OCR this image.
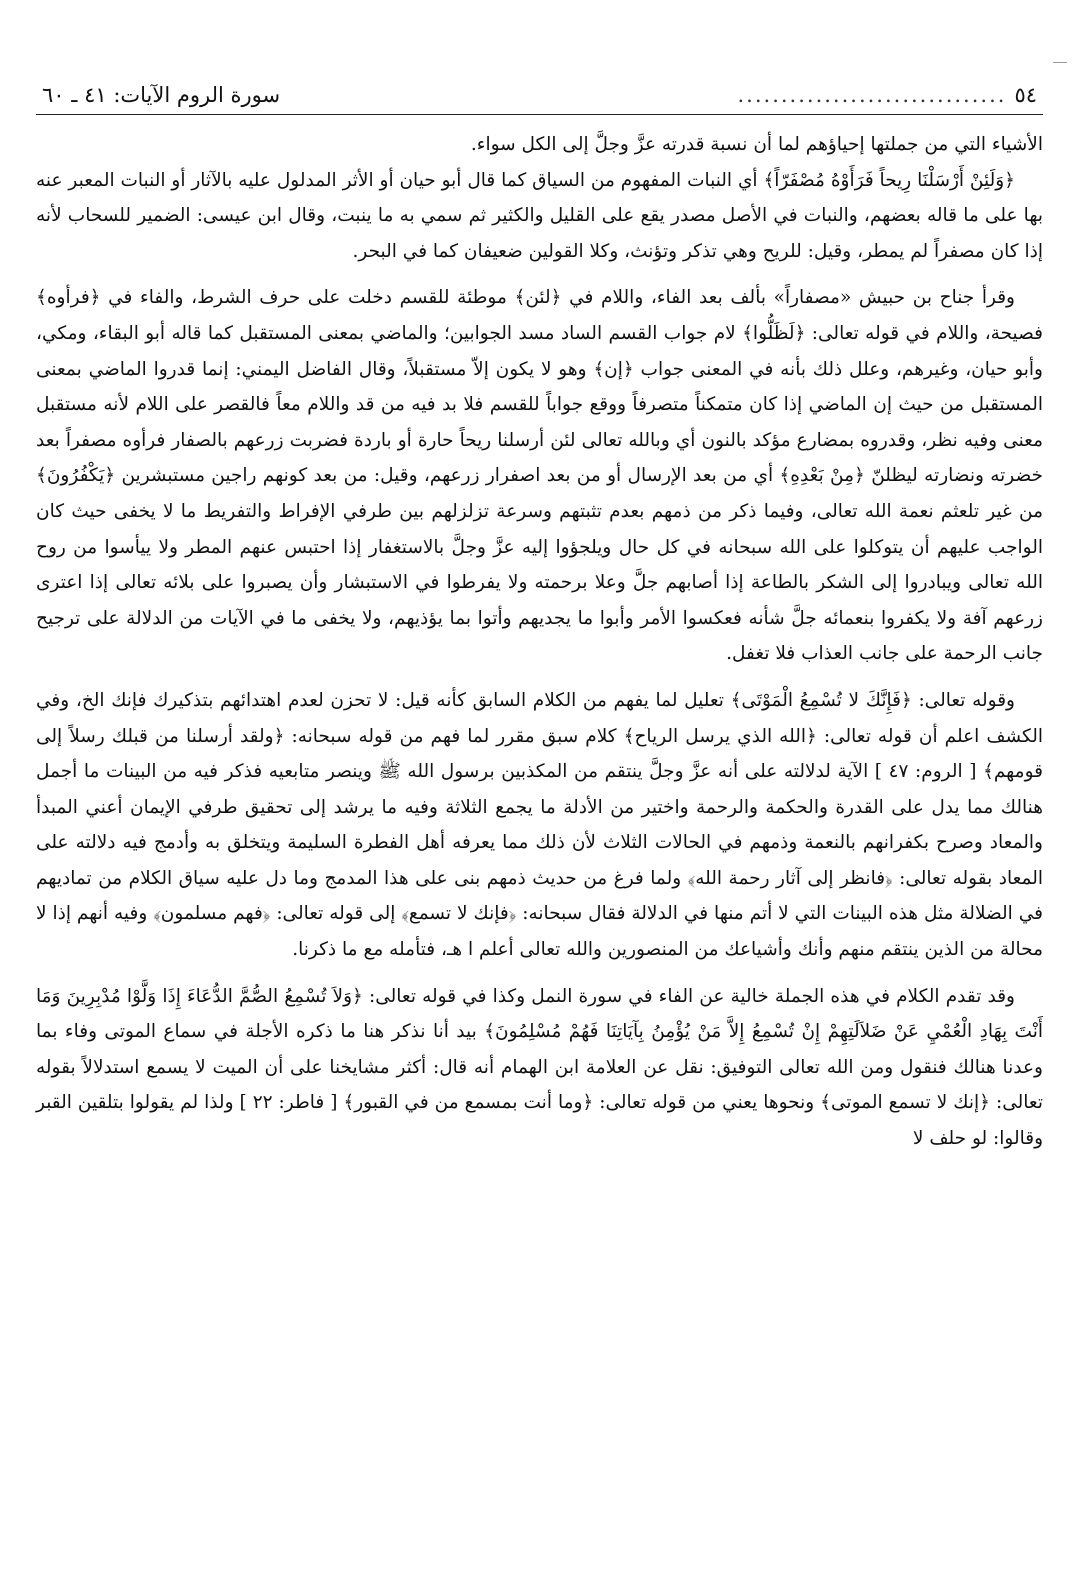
٥٤
...............................
سورة الروم الآيات: ٤١ ـ ٦٠

الأشياء التي من جملتها إحياؤهم لما أن نسبة قدرته عزَّ وجلَّ إلى الكل سواء.

﴿وَلَئِنْ أَرْسَلْنَا رِيحاً فَرَأَوْهُ مُصْفَرّاً﴾ أي النبات المفهوم من السياق كما قال أبو حيان أو الأثر المدلول عليه بالآثار أو النبات المعبر عنه بها على ما قاله بعضهم، والنبات في الأصل مصدر يقع على القليل والكثير ثم سمي به ما ينبت، وقال ابن عيسى: الضمير للسحاب لأنه إذا كان مصفراً لم يمطر، وقيل: للريح وهي تذكر وتؤنث، وكلا القولين ضعيفان كما في البحر.

وقرأ جناح بن حبيش «مصفاراً» بألف بعد الفاء، واللام في ﴿لئن﴾ موطئة للقسم دخلت على حرف الشرط، والفاء في ﴿فرأوه﴾ فصيحة، واللام في قوله تعالى: ﴿لَظَلُّوا﴾ لام جواب القسم الساد مسد الجوابين؛ والماضي بمعنى المستقبل كما قاله أبو البقاء، ومكي، وأبو حيان، وغيرهم، وعلل ذلك بأنه في المعنى جواب ﴿إن﴾ وهو لا يكون إلاّ مستقبلاً، وقال الفاضل اليمني: إنما قدروا الماضي بمعنى المستقبل من حيث إن الماضي إذا كان متمكناً متصرفاً ووقع جواباً للقسم فلا بد فيه من قد واللام معاً فالقصر على اللام لأنه مستقبل معنى وفيه نظر، وقدروه بمضارع مؤكد بالنون أي وبالله تعالى لئن أرسلنا ريحاً حارة أو باردة فضربت زرعهم بالصفار فرأوه مصفراً بعد خضرته ونضارته ليظلنّ ﴿مِنْ بَعْدِهِ﴾ أي من بعد الإرسال أو من بعد اصفرار زرعهم، وقيل: من بعد كونهم راجين مستبشرين ﴿يَكْفُرُونَ﴾ من غير تلعثم نعمة الله تعالى، وفيما ذكر من ذمهم بعدم تثبتهم وسرعة تزلزلهم بين طرفي الإفراط والتفريط ما لا يخفى حيث كان الواجب عليهم أن يتوكلوا على الله سبحانه في كل حال ويلجؤوا إليه عزَّ وجلَّ بالاستغفار إذا احتبس عنهم المطر ولا ييأسوا من روح الله تعالى ويبادروا إلى الشكر بالطاعة إذا أصابهم جلَّ وعلا برحمته ولا يفرطوا في الاستبشار وأن يصبروا على بلائه تعالى إذا اعترى زرعهم آفة ولا يكفروا بنعمائه جلَّ شأنه فعكسوا الأمر وأبوا ما يجديهم وأتوا بما يؤذيهم، ولا يخفى ما في الآيات من الدلالة على ترجيح جانب الرحمة على جانب العذاب فلا تغفل.

وقوله تعالى: ﴿فَإِنَّكَ لا تُسْمِعُ الْمَوْتَى﴾ تعليل لما يفهم من الكلام السابق كأنه قيل: لا تحزن لعدم اهتدائهم بتذكيرك فإنك الخ، وفي الكشف اعلم أن قوله تعالى: ﴿الله الذي يرسل الرياح﴾ كلام سبق مقرر لما فهم من قوله سبحانه: ﴿ولقد أرسلنا من قبلك رسلاً إلى قومهم﴾ [ الروم: ٤٧ ] الآية لدلالته على أنه عزَّ وجلَّ ينتقم من المكذبين برسول الله ﷺ وينصر متابعيه فذكر فيه من البينات ما أجمل هنالك مما يدل على القدرة والحكمة والرحمة واختير من الأدلة ما يجمع الثلاثة وفيه ما يرشد إلى تحقيق طرفي الإيمان أعني المبدأ والمعاد وصرح بكفرانهم بالنعمة وذمهم في الحالات الثلاث لأن ذلك مما يعرفه أهل الفطرة السليمة ويتخلق به وأدمج فيه دلالته على المعاد بقوله تعالى: ﴿فانظر إلى آثار رحمة الله﴾ ولما فرغ من حديث ذمهم بنى على هذا المدمج وما دل عليه سياق الكلام من تماديهم في الضلالة مثل هذه البينات التي لا أتم منها في الدلالة فقال سبحانه: ﴿فإنك لا تسمع﴾ إلى قوله تعالى: ﴿فهم مسلمون﴾ وفيه أنهم إذا لا محالة من الذين ينتقم منهم وأنك وأشياعك من المنصورين والله تعالى أعلم ا هـ، فتأمله مع ما ذكرنا.

وقد تقدم الكلام في هذه الجملة خالية عن الفاء في سورة النمل وكذا في قوله تعالى: ﴿وَلاَ تُسْمِعُ الصُّمَّ الدُّعَاءَ إِذَا وَلَّوْا مُدْبِرِينَ وَمَا أَنْتَ بِهَادِ الْعُمْيِ عَنْ ضَلاَلَتِهِمْ إِنْ تُسْمِعُ إِلاَّ مَنْ يُؤْمِنُ بِآيَاتِنَا فَهُمْ مُسْلِمُونَ﴾ بيد أنا نذكر هنا ما ذكره الأجلة في سماع الموتى وفاء بما وعدنا هنالك فنقول ومن الله تعالى التوفيق: نقل عن العلامة ابن الهمام أنه قال: أكثر مشايخنا على أن الميت لا يسمع استدلالاً بقوله تعالى: ﴿إنك لا تسمع الموتى﴾ ونحوها يعني من قوله تعالى: ﴿وما أنت بمسمع من في القبور﴾ [ فاطر: ٢٢ ] ولذا لم يقولوا بتلقين القبر وقالوا: لو حلف لا
